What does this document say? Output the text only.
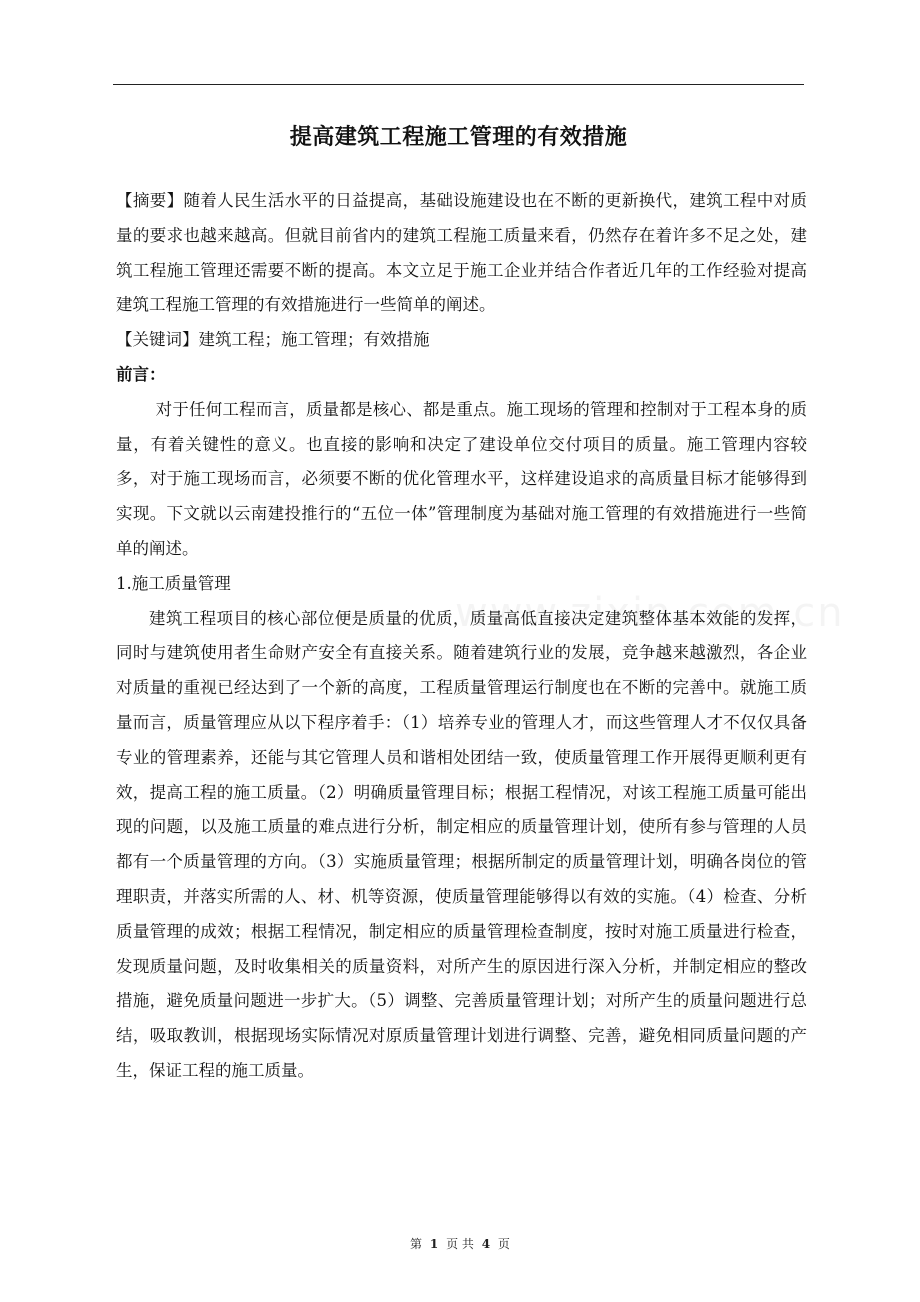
提高建筑工程施工管理的有效措施

【摘要】随着人民生活水平的日益提高，基础设施建设也在不断的更新换代，建筑工程中对质量的要求也越来越高。但就目前省内的建筑工程施工质量来看，仍然存在着许多不足之处，建筑工程施工管理还需要不断的提高。本文立足于施工企业并结合作者近几年的工作经验对提高建筑工程施工管理的有效措施进行一些简单的阐述。

【关键词】建筑工程；施工管理；有效措施

前言：

对于任何工程而言，质量都是核心、都是重点。施工现场的管理和控制对于工程本身的质量，有着关键性的意义。也直接的影响和决定了建设单位交付项目的质量。施工管理内容较多，对于施工现场而言，必须要不断的优化管理水平，这样建设追求的高质量目标才能够得到实现。下文就以云南建投推行的“五位一体”管理制度为基础对施工管理的有效措施进行一些简单的阐述。

1.施工质量管理

建筑工程项目的核心部位便是质量的优质，质量高低直接决定建筑整体基本效能的发挥，同时与建筑使用者生命财产安全有直接关系。随着建筑行业的发展，竞争越来越激烈，各企业对质量的重视已经达到了一个新的高度，工程质量管理运行制度也在不断的完善中。就施工质量而言，质量管理应从以下程序着手：（1）培养专业的管理人才，而这些管理人才不仅仅具备专业的管理素养，还能与其它管理人员和谐相处团结一致，使质量管理工作开展得更顺利更有效，提高工程的施工质量。（2）明确质量管理目标；根据工程情况，对该工程施工质量可能出现的问题，以及施工质量的难点进行分析，制定相应的质量管理计划，使所有参与管理的人员都有一个质量管理的方向。（3）实施质量管理；根据所制定的质量管理计划，明确各岗位的管理职责，并落实所需的人、材、机等资源，使质量管理能够得以有效的实施。（4）检查、分析质量管理的成效；根据工程情况，制定相应的质量管理检查制度，按时对施工质量进行检查，发现质量问题，及时收集相关的质量资料，对所产生的原因进行深入分析，并制定相应的整改措施，避免质量问题进一步扩大。（5）调整、完善质量管理计划；对所产生的质量问题进行总结，吸取教训，根据现场实际情况对原质量管理计划进行调整、完善，避免相同质量问题的产生，保证工程的施工质量。

第 1 页 共 4 页
